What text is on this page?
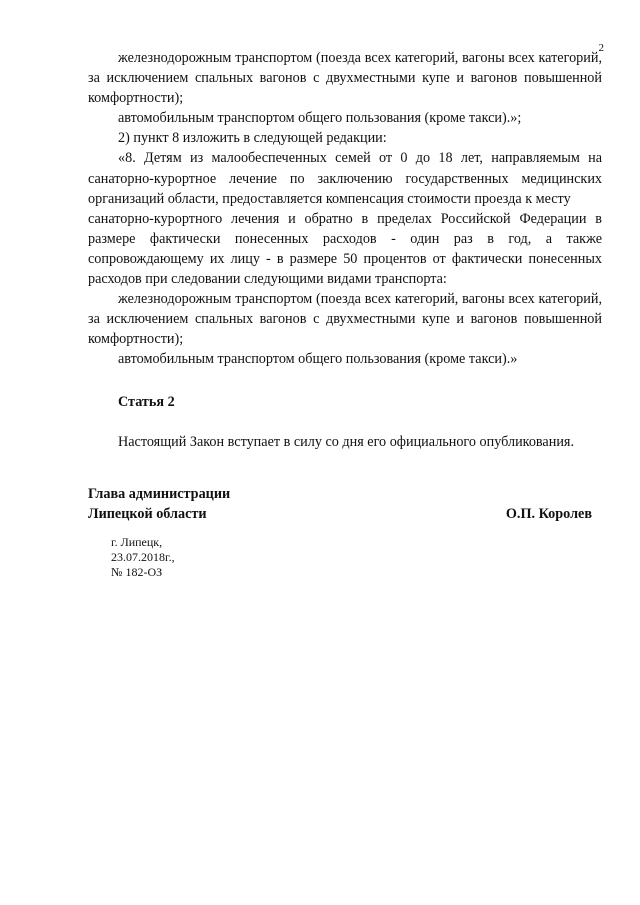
2

железнодорожным транспортом (поезда всех категорий, вагоны всех категорий, за исключением спальных вагонов с двухместными купе и вагонов повышенной комфортности);

автомобильным транспортом общего пользования (кроме такси).»;

2) пункт 8 изложить в следующей редакции:

«8. Детям из малообеспеченных семей от 0 до 18 лет, направляемым на санаторно-курортное лечение по заключению государственных медицинских организаций области, предоставляется компенсация стоимости проезда к месту

санаторно-курортного лечения и обратно в пределах Российской Федерации в размере фактически понесенных расходов - один раз в год, а также сопровождающему их лицу - в размере 50 процентов от фактически понесенных расходов при следовании следующими видами транспорта:

железнодорожным транспортом (поезда всех категорий, вагоны всех категорий, за исключением спальных вагонов с двухместными купе и вагонов повышенной комфортности);

автомобильным транспортом общего пользования (кроме такси).»

Статья 2

Настоящий Закон вступает в силу со дня его официального опубликования.

Глава администрации
Липецкой области	О.П. Королев
г. Липецк,
23.07.2018г.,
№ 182-ОЗ
